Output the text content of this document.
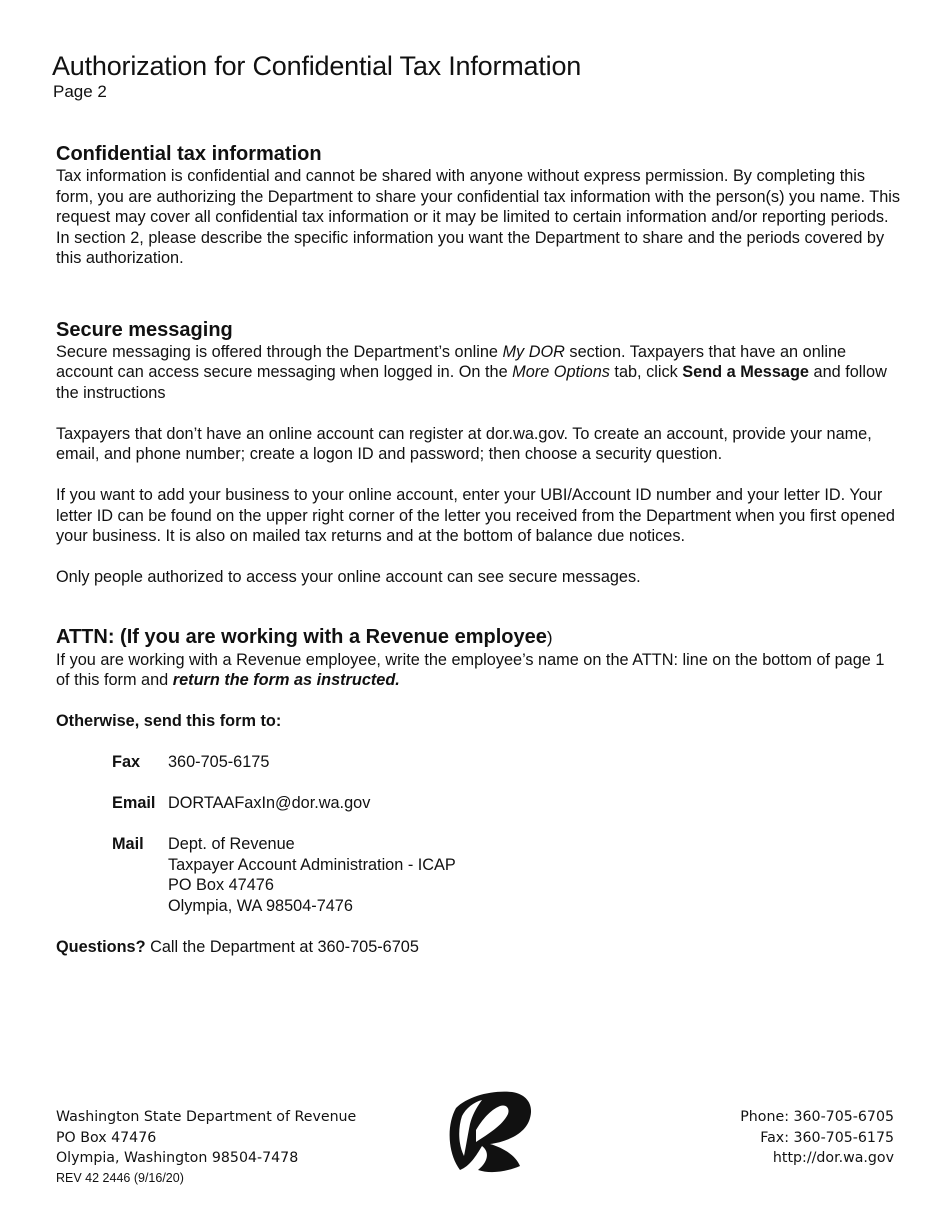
Authorization for Confidential Tax Information
Page 2
Confidential tax information

Tax information is confidential and cannot be shared with anyone without express permission. By completing this form, you are authorizing the Department to share your confidential tax information with the person(s) you name. This request may cover all confidential tax information or it may be limited to certain information and/or reporting periods. In section 2, please describe the specific information you want the Department to share and the periods covered by this authorization.

Secure messaging

Secure messaging is offered through the Department’s online My DOR section. Taxpayers that have an online account can access secure messaging when logged in. On the More Options tab, click Send a Message and follow the instructions

Taxpayers that don’t have an online account can register at dor.wa.gov. To create an account, provide your name, email, and phone number; create a logon ID and password; then choose a security question.

If you want to add your business to your online account, enter your UBI/Account ID number and your letter ID. Your letter ID can be found on the upper right corner of the letter you received from the Department when you first opened your business. It is also on mailed tax returns and at the bottom of balance due notices.

Only people authorized to access your online account can see secure messages.

ATTN: (If you are working with a Revenue employee)

If you are working with a Revenue employee, write the employee’s name on the ATTN: line on the bottom of page 1 of this form and return the form as instructed.

Otherwise, send this form to:

Fax	360-705-6175
Email DORTAAFaxIn@dor.wa.gov
Mail	Dept. of Revenue
Taxpayer Account Administration - ICAP
PO Box 47476
Olympia, WA 98504-7476

Questions? Call the Department at 360-705-6705

Washington State Department of Revenue
PO Box 47476
Olympia, Washington 98504-7478
REV 42 2446 (9/16/20)
Phone: 360-705-6705
Fax: 360-705-6175
http://dor.wa.gov
